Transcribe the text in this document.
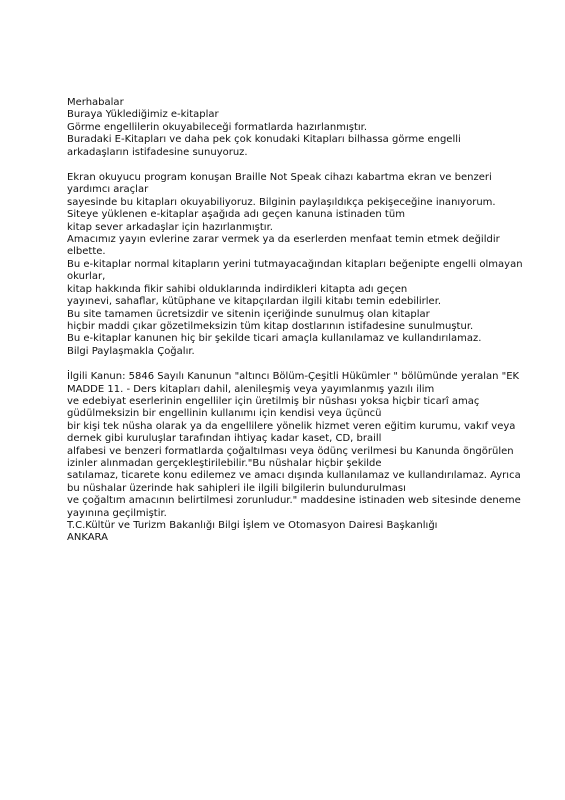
Merhabalar
Buraya Yüklediğimiz e-kitaplar
Görme engellilerin okuyabileceği formatlarda hazırlanmıştır.
Buradaki E-Kitapları ve daha pek çok konudaki Kitapları bilhassa görme engelli
arkadaşların istifadesine sunuyoruz.
Ekran okuyucu program konuşan Braille Not Speak cihazı kabartma ekran ve benzeri
yardımcı araçlar
sayesinde bu kitapları okuyabiliyoruz. Bilginin paylaşıldıkça pekişeceğine inanıyorum.
Siteye yüklenen e-kitaplar aşağıda adı geçen kanuna istinaden tüm
kitap sever arkadaşlar için hazırlanmıştır.
Amacımız yayın evlerine zarar vermek ya da eserlerden menfaat temin etmek değildir
elbette.
Bu e-kitaplar normal kitapların yerini tutmayacağından kitapları beğenipte engelli olmayan
okurlar,
kitap hakkında fikir sahibi olduklarında indirdikleri kitapta adı geçen
yayınevi, sahaflar, kütüphane ve kitapçılardan ilgili kitabı temin edebilirler.
Bu site tamamen ücretsizdir ve sitenin içeriğinde sunulmuş olan kitaplar
hiçbir maddi çıkar gözetilmeksizin tüm kitap dostlarının istifadesine sunulmuştur.
Bu e-kitaplar kanunen hiç bir şekilde ticari amaçla kullanılamaz ve kullandırılamaz.
Bilgi Paylaşmakla Çoğalır.
İlgili Kanun: 5846 Sayılı Kanunun "altıncı Bölüm-Çeşitli Hükümler " bölümünde yeralan "EK
MADDE 11. - Ders kitapları dahil, alenileşmiş veya yayımlanmış yazılı ilim
ve edebiyat eserlerinin engelliler için üretilmiş bir nüshası yoksa hiçbir ticarî amaç
güdülmeksizin bir engellinin kullanımı için kendisi veya üçüncü
bir kişi tek nüsha olarak ya da engellilere yönelik hizmet veren eğitim kurumu, vakıf veya
dernek gibi kuruluşlar tarafından ihtiyaç kadar kaset, CD, braill
alfabesi ve benzeri formatlarda çoğaltılması veya ödünç verilmesi bu Kanunda öngörülen
izinler alınmadan gerçekleştirilebilir."Bu nüshalar hiçbir şekilde
satılamaz, ticarete konu edilemez ve amacı dışında kullanılamaz ve kullandırılamaz. Ayrıca
bu nüshalar üzerinde hak sahipleri ile ilgili bilgilerin bulundurulması
ve çoğaltım amacının belirtilmesi zorunludur." maddesine istinaden web sitesinde deneme
yayınına geçilmiştir.
T.C.Kültür ve Turizm Bakanlığı Bilgi İşlem ve Otomasyon Dairesi Başkanlığı
ANKARA
